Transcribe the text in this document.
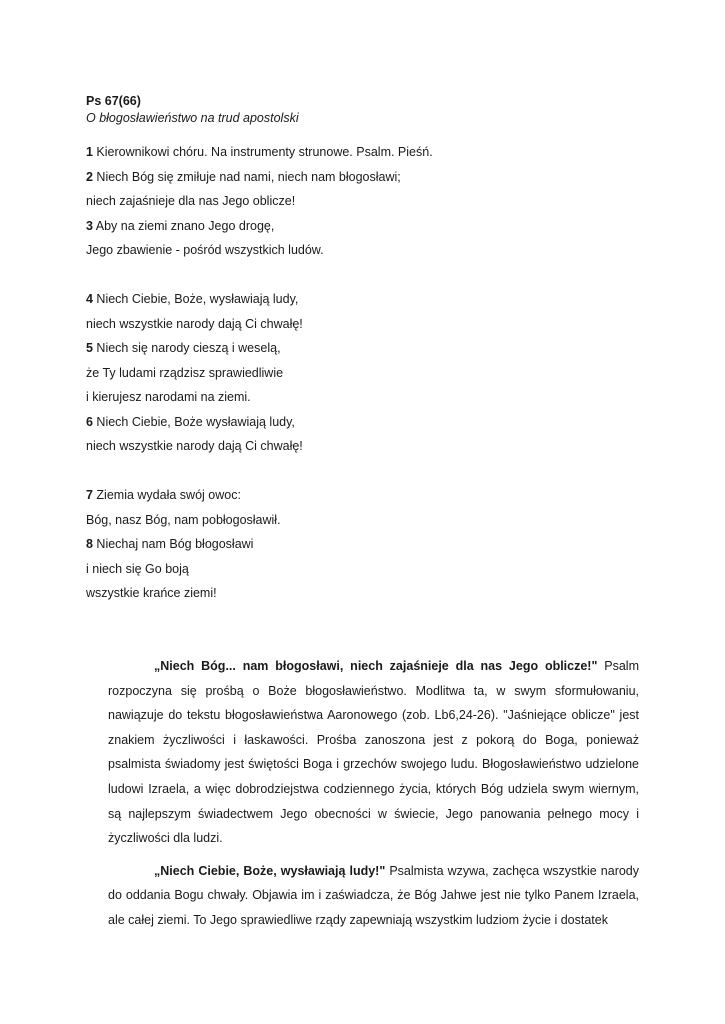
Ps 67(66)
O błogosławieństwo na trud apostolski
1 Kierownikowi chóru. Na instrumenty strunowe. Psalm. Pieśń.
2 Niech Bóg się zmiłuje nad nami, niech nam błogosławi;
niech zajaśnieje dla nas Jego oblicze!
3 Aby na ziemi znano Jego drogę,
Jego zbawienie - pośród wszystkich ludów.
4 Niech Ciebie, Boże, wysławiają ludy,
niech wszystkie narody dają Ci chwałę!
5 Niech się narody cieszą i weselą,
że Ty ludami rządzisz sprawiedliwie
i kierujesz narodami na ziemi.
6 Niech Ciebie, Boże wysławiają ludy,
niech wszystkie narody dają Ci chwałę!
7 Ziemia wydała swój owoc:
Bóg, nasz Bóg, nam pobłogosławił.
8 Niechaj nam Bóg błogosławi
i niech się Go boją
wszystkie krańce ziemi!

„Niech Bóg... nam błogosławi, niech zajaśnieje dla nas Jego oblicze!" Psalm rozpoczyna się prośbą o Boże błogosławieństwo. Modlitwa ta, w swym sformułowaniu, nawiązuje do tekstu błogosławieństwa Aaronowego (zob. Lb6,24-26). "Jaśniejące oblicze" jest znakiem życzliwości i łaskawości. Prośba zanoszona jest z pokorą do Boga, ponieważ psalmista świadomy jest świętości Boga i grzechów swojego ludu. Błogosławieństwo udzielone ludowi Izraela, a więc dobrodziejstwa codziennego życia, których Bóg udziela swym wiernym, są najlepszym świadectwem Jego obecności w świecie, Jego panowania pełnego mocy i życzliwości dla ludzi.

„Niech Ciebie, Boże, wysławiają ludy!" Psalmista wzywa, zachęca wszystkie narody do oddania Bogu chwały. Objawia im i zaświadcza, że Bóg Jahwe jest nie tylko Panem Izraela, ale całej ziemi. To Jego sprawiedliwe rządy zapewniają wszystkim ludziom życie i dostatek
